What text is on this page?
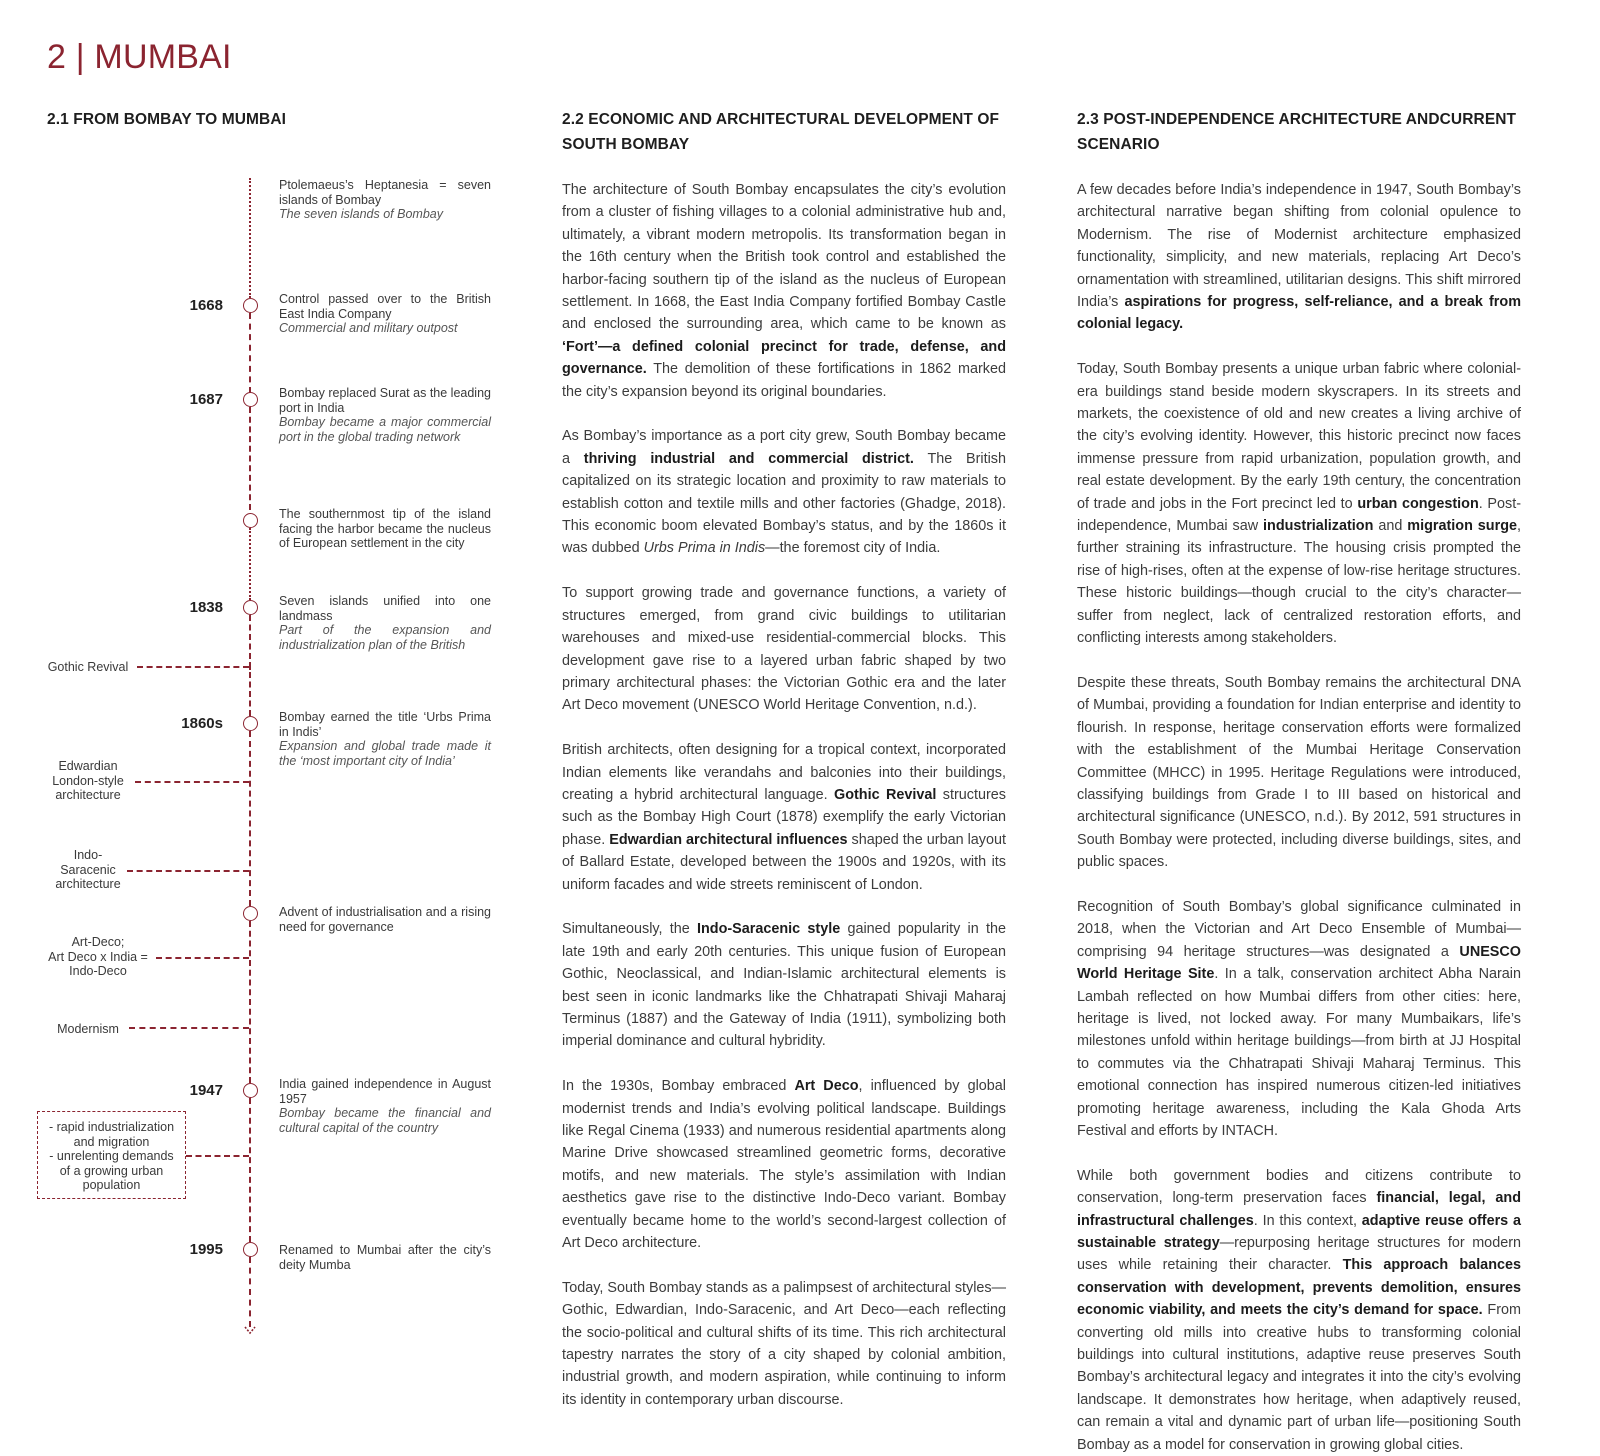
2 | MUMBAI
2.1 FROM BOMBAY TO MUMBAI	2.2 ECONOMIC AND ARCHITECTURAL DEVELOPMENT OF SOUTH BOMBAY
2.3 POST-INDEPENDENCE ARCHITECTURE ANDCURRENT SCENARIO
1668
1687
1838
1860s
1947
1995
Ptolemaeus’s Heptanesia = seven islands of Bombay
The seven islands of Bombay
Control passed over to the British East India Company
Commercial and military outpost
Bombay replaced Surat as the leading port in India
Bombay became a major commercial port in the global trading network
The southernmost tip of the island facing the harbor became the nucleus of European settlement in the city
Seven islands unified into one landmass
Part of the expansion and industrialization plan of the British
Bombay earned the title ‘Urbs Prima in Indis’
Expansion and global trade made it the ‘most important city of India’
Advent of industrialisation and a rising need for governance
India gained independence in August 1957
Bombay became the financial and cultural capital of the country
Renamed to Mumbai after the city’s deity Mumba
Gothic Revival
Edwardian
London-style
architecture
Indo-
Saracenic
architecture
Art-Deco;
Art Deco x India =
Indo-Deco
Modernism
- rapid industrialization
and migration
- unrelenting demands
of a growing urban
population

The architecture of South Bombay encapsulates the city’s evolution from a cluster of fishing villages to a colonial administrative hub and, ultimately, a vibrant modern metropolis. Its transformation began in the 16th century when the British took control and established the harbor-facing southern tip of the island as the nucleus of European settlement. In 1668, the East India Company fortified Bombay Castle and enclosed the surrounding area, which came to be known as ‘Fort’—a defined colonial precinct for trade, defense, and governance. The demolition of these fortifications in 1862 marked the city’s expansion beyond its original boundaries.

As Bombay’s importance as a port city grew, South Bombay became a thriving industrial and commercial district. The British capitalized on its strategic location and proximity to raw materials to establish cotton and textile mills and other factories (Ghadge, 2018). This economic boom elevated Bombay’s status, and by the 1860s it was dubbed Urbs Prima in Indis—the foremost city of India.

To support growing trade and governance functions, a variety of structures emerged, from grand civic buildings to utilitarian warehouses and mixed-use residential-commercial blocks. This development gave rise to a layered urban fabric shaped by two primary architectural phases: the Victorian Gothic era and the later Art Deco movement (UNESCO World Heritage Convention, n.d.).

British architects, often designing for a tropical context, incorporated Indian elements like verandahs and balconies into their buildings, creating a hybrid architectural language. Gothic Revival structures such as the Bombay High Court (1878) exemplify the early Victorian phase. Edwardian architectural influences shaped the urban layout of Ballard Estate, developed between the 1900s and 1920s, with its uniform facades and wide streets reminiscent of London.

Simultaneously, the Indo-Saracenic style gained popularity in the late 19th and early 20th centuries. This unique fusion of European Gothic, Neoclassical, and Indian-Islamic architectural elements is best seen in iconic landmarks like the Chhatrapati Shivaji Maharaj Terminus (1887) and the Gateway of India (1911), symbolizing both imperial dominance and cultural hybridity.

In the 1930s, Bombay embraced Art Deco, influenced by global modernist trends and India’s evolving political landscape. Buildings like Regal Cinema (1933) and numerous residential apartments along Marine Drive showcased streamlined geometric forms, decorative motifs, and new materials. The style’s assimilation with Indian aesthetics gave rise to the distinctive Indo-Deco variant. Bombay eventually became home to the world’s second-largest collection of Art Deco architecture.

Today, South Bombay stands as a palimpsest of architectural styles—Gothic, Edwardian, Indo-Saracenic, and Art Deco—each reflecting the socio-political and cultural shifts of its time. This rich architectural tapestry narrates the story of a city shaped by colonial ambition, industrial growth, and modern aspiration, while continuing to inform its identity in contemporary urban discourse.

A few decades before India’s independence in 1947, South Bombay’s architectural narrative began shifting from colonial opulence to Modernism. The rise of Modernist architecture emphasized functionality, simplicity, and new materials, replacing Art Deco’s ornamentation with streamlined, utilitarian designs. This shift mirrored India’s aspirations for progress, self-reliance, and a break from colonial legacy.

Today, South Bombay presents a unique urban fabric where colonial-era buildings stand beside modern skyscrapers. In its streets and markets, the coexistence of old and new creates a living archive of the city’s evolving identity. However, this historic precinct now faces immense pressure from rapid urbanization, population growth, and real estate development. By the early 19th century, the concentration of trade and jobs in the Fort precinct led to urban congestion. Post-independence, Mumbai saw industrialization and migration surge, further straining its infrastructure. The housing crisis prompted the rise of high-rises, often at the expense of low-rise heritage structures. These historic buildings—though crucial to the city’s character—suffer from neglect, lack of centralized restoration efforts, and conflicting interests among stakeholders.

Despite these threats, South Bombay remains the architectural DNA of Mumbai, providing a foundation for Indian enterprise and identity to flourish. In response, heritage conservation efforts were formalized with the establishment of the Mumbai Heritage Conservation Committee (MHCC) in 1995. Heritage Regulations were introduced, classifying buildings from Grade I to III based on historical and architectural significance (UNESCO, n.d.). By 2012, 591 structures in South Bombay were protected, including diverse buildings, sites, and public spaces.

Recognition of South Bombay’s global significance culminated in 2018, when the Victorian and Art Deco Ensemble of Mumbai—comprising 94 heritage structures—was designated a UNESCO World Heritage Site. In a talk, conservation architect Abha Narain Lambah reflected on how Mumbai differs from other cities: here, heritage is lived, not locked away. For many Mumbaikars, life’s milestones unfold within heritage buildings—from birth at JJ Hospital to commutes via the Chhatrapati Shivaji Maharaj Terminus. This emotional connection has inspired numerous citizen-led initiatives promoting heritage awareness, including the Kala Ghoda Arts Festival and efforts by INTACH.

While both government bodies and citizens contribute to conservation, long-term preservation faces financial, legal, and infrastructural challenges. In this context, adaptive reuse offers a sustainable strategy—repurposing heritage structures for modern uses while retaining their character. This approach balances conservation with development, prevents demolition, ensures economic viability, and meets the city’s demand for space. From converting old mills into creative hubs to transforming colonial buildings into cultural institutions, adaptive reuse preserves South Bombay’s architectural legacy and integrates it into the city’s evolving landscape. It demonstrates how heritage, when adaptively reused, can remain a vital and dynamic part of urban life—positioning South Bombay as a model for conservation in growing global cities.
